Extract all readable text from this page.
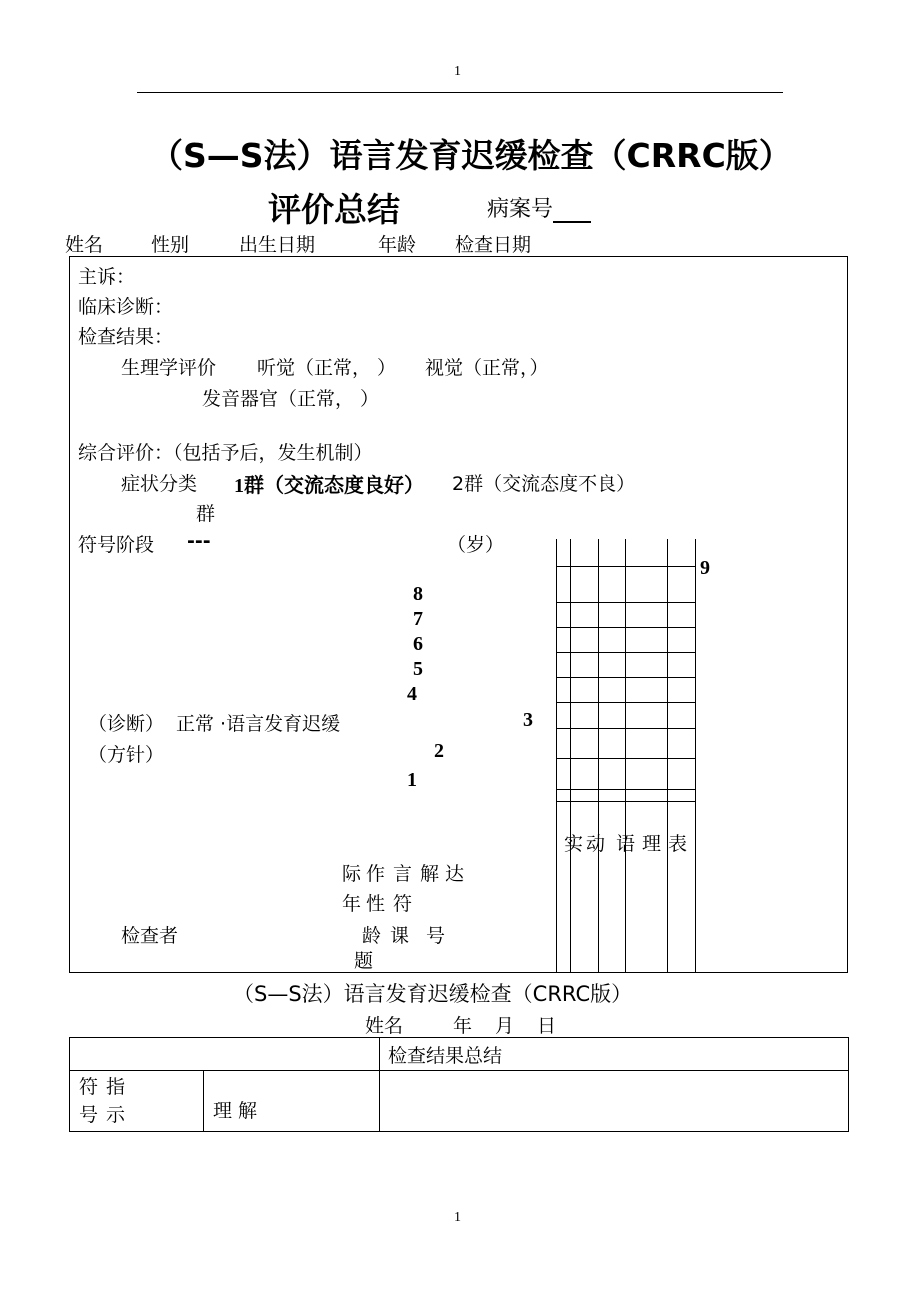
1
（S—S法）语言发育迟缓检查（CRRC版）
评价总结	病案号
姓名	性别	出生日期	年龄 检查日期
主诉：
临床诊断：
检查结果：
生理学评价 听觉（正常， ） 视觉（正常，）
发音器官（正常， ）
综合评价：（包括予后，发生机制）
症状分类 1群（交流态度良好） 2群（交流态度不良）
群
符号阶段 ---	（岁）
9
8
7
6
5
4
3
2
1
（诊断） 正常 ·语言发育迟缓
（方针）
实 动 语 理 表
际
年
龄
作
性
课
题
言
符
号
解 达
检查者
（S—S法）语言发育迟缓检查（CRRC版）
姓名	年 月 日
		检查结果总结

符指
号示	理 解	
1
